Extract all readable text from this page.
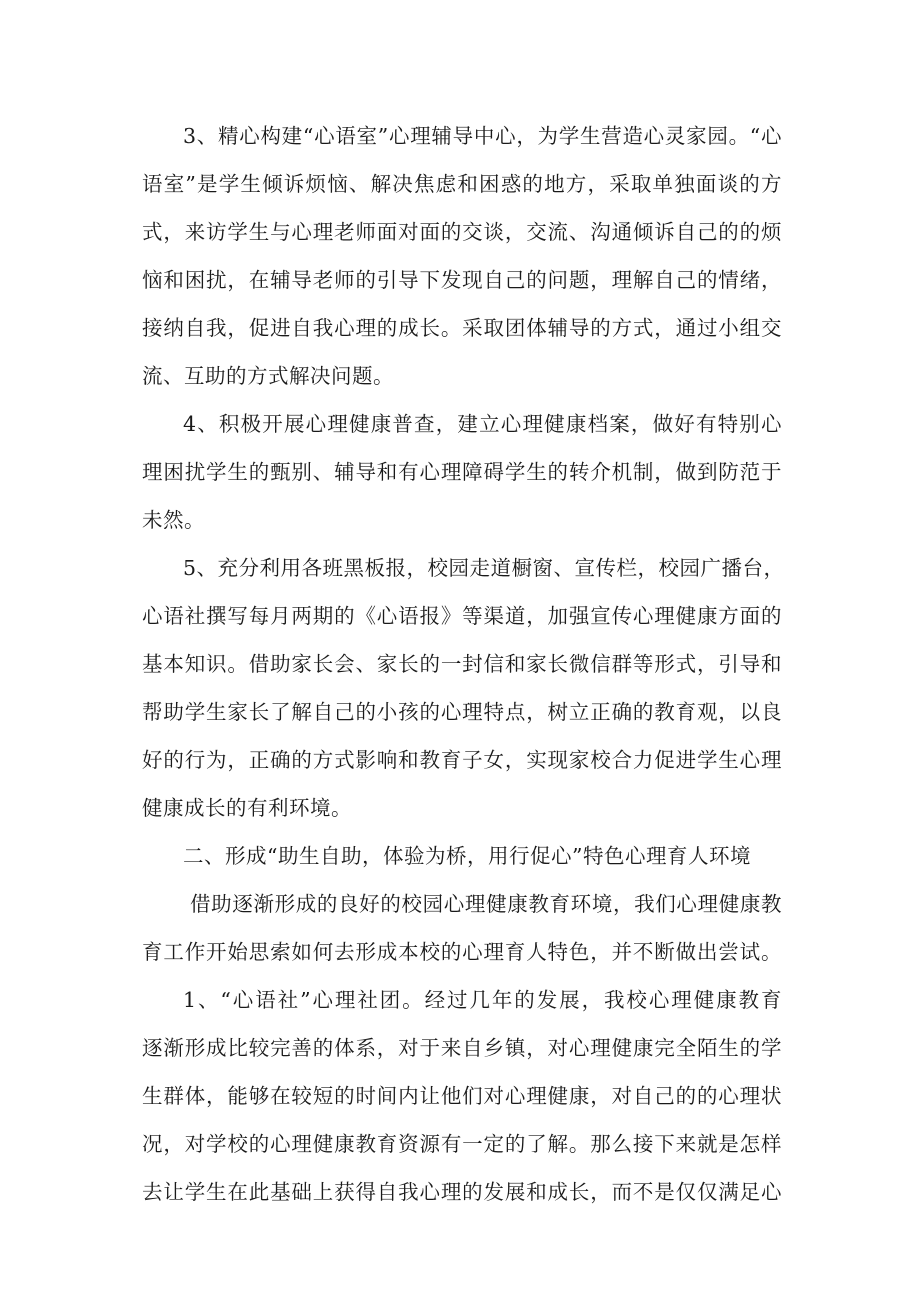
3、精心构建“心语室”心理辅导中心，为学生营造心灵家园。“心
语室”是学生倾诉烦恼、解决焦虑和困惑的地方，采取单独面谈的方
式，来访学生与心理老师面对面的交谈，交流、沟通倾诉自己的的烦
恼和困扰，在辅导老师的引导下发现自己的问题，理解自己的情绪，
接纳自我，促进自我心理的成长。采取团体辅导的方式，通过小组交
流、互助的方式解决问题。
4、积极开展心理健康普查，建立心理健康档案，做好有特别心
理困扰学生的甄别、辅导和有心理障碍学生的转介机制，做到防范于
未然。
5、充分利用各班黑板报，校园走道橱窗、宣传栏，校园广播台，
心语社撰写每月两期的《心语报》等渠道，加强宣传心理健康方面的
基本知识。借助家长会、家长的一封信和家长微信群等形式，引导和
帮助学生家长了解自己的小孩的心理特点，树立正确的教育观，以良
好的行为，正确的方式影响和教育子女，实现家校合力促进学生心理
健康成长的有利环境。
二、形成“助生自助，体验为桥，用行促心”特色心理育人环境
借助逐渐形成的良好的校园心理健康教育环境，我们心理健康教
育工作开始思索如何去形成本校的心理育人特色，并不断做出尝试。
1、“心语社”心理社团。经过几年的发展，我校心理健康教育
逐渐形成比较完善的体系，对于来自乡镇，对心理健康完全陌生的学
生群体，能够在较短的时间内让他们对心理健康，对自己的的心理状
况，对学校的心理健康教育资源有一定的了解。那么接下来就是怎样
去让学生在此基础上获得自我心理的发展和成长，而不是仅仅满足心
